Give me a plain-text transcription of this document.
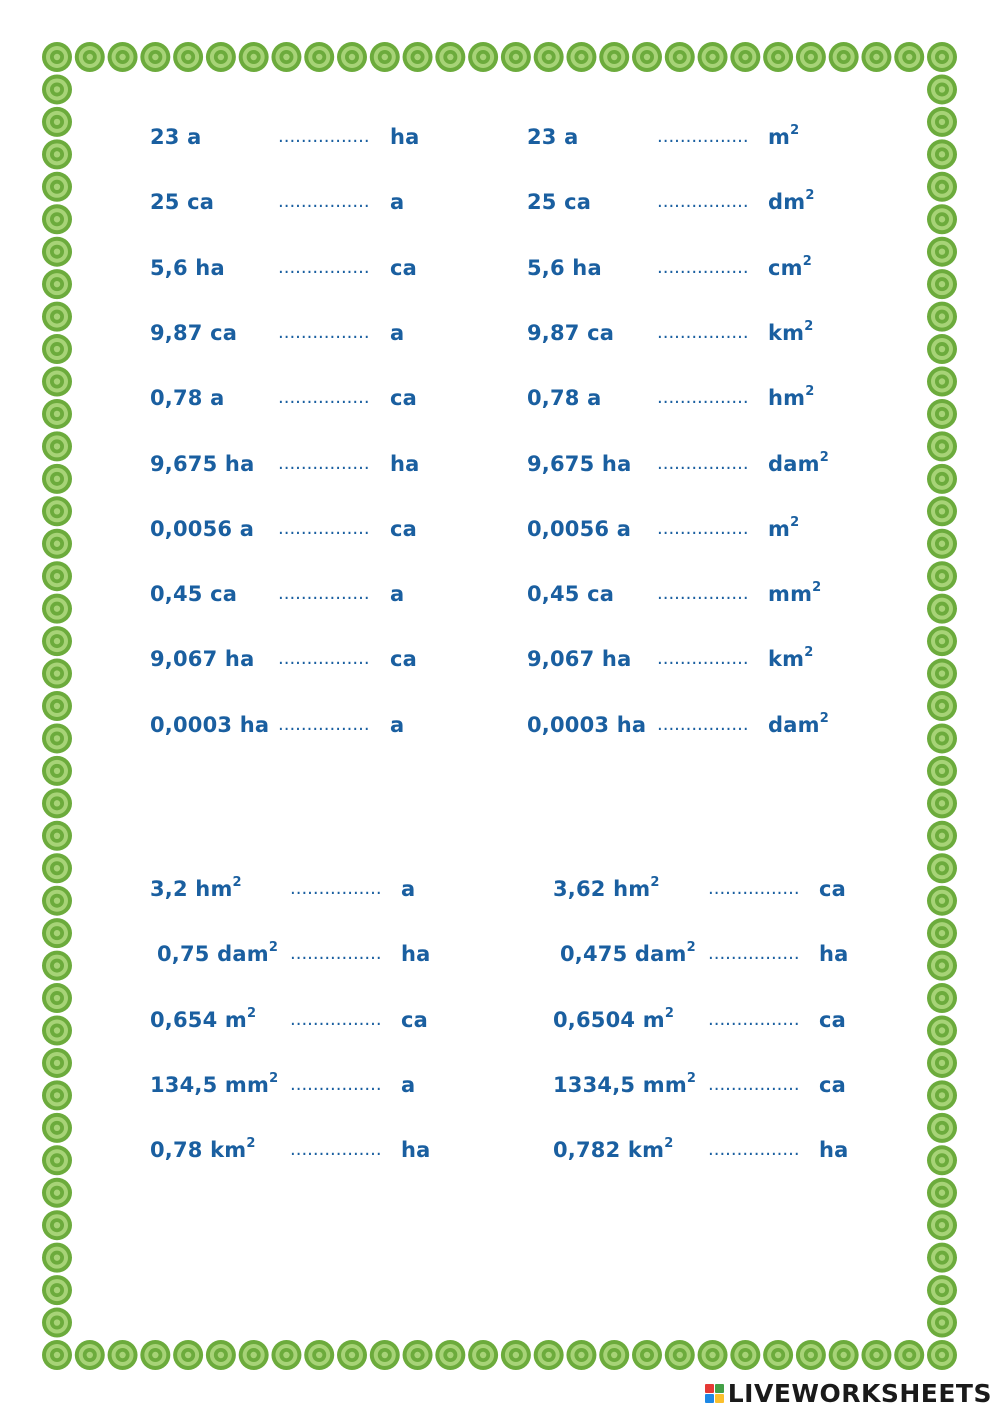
23 a	................ ha
25 ca	................ a
5,6 ha	................ ca
9,87 ca ................ a
0,78 a	................ ca
9,675 ha ................ ha
0,0056 a ................ ca
0,45 ca ................ a
9,067 ha ................ ca
0,0003 ha ................ a
23 a	................ $m^2$
25 ca	................ $dm^2$
5,6 ha	................ $cm^2$
9,87 ca ................ $km^2$
0,78 a	................ $hm^2$
9,675 ha ................ dam$^2$
0,0056 a ................ $m^2$
0,45 ca ................ $mm^2$
9,067 ha ................ $km^2$
0,0003 ha ................ dam$^2$
3,2 $hm^2$	................ a
0,75 dam$^2$ ................ ha
0,654 $m^2$ ................ ca
134,5 $mm^2$ ................ a
0,78 $km^2$ ................ ha
3,62 $hm^2$	................ ca
0,475 dam$^2$ ................ ha
0,6504 $m^2$ ................ ca
1334,5 $mm^2$ ................ ca
0,782 $km^2$ ................ ha
LIVEWORKSHEETS
